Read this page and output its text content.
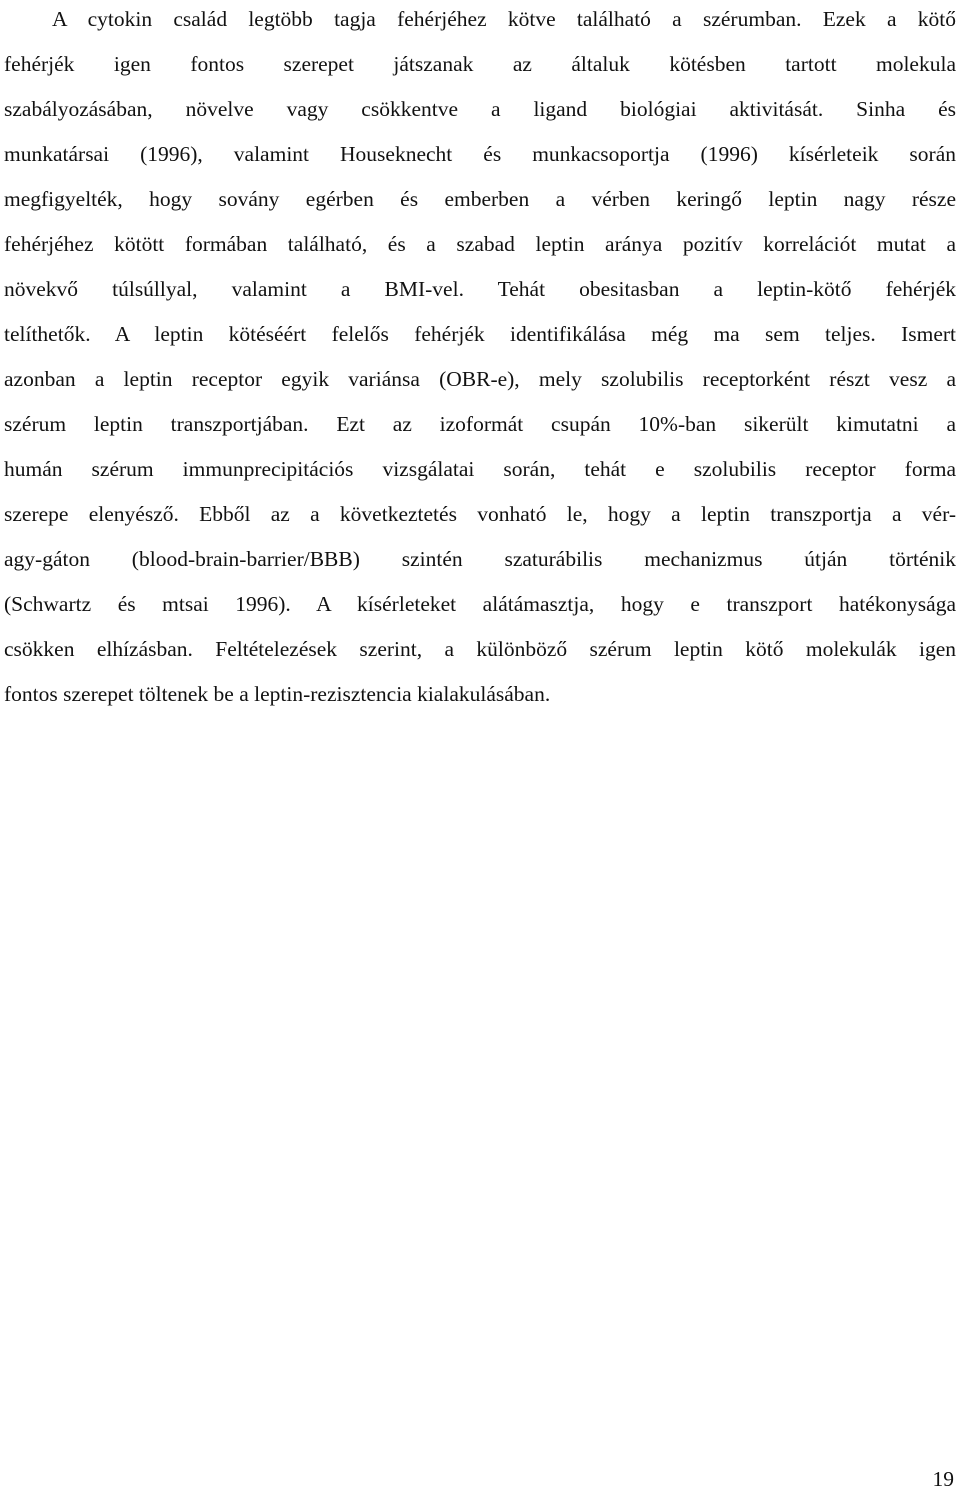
A cytokin család legtöbb tagja fehérjéhez kötve található a szérumban. Ezek a kötő
fehérjék igen fontos szerepet játszanak az általuk kötésben tartott molekula
szabályozásában, növelve vagy csökkentve a ligand biológiai aktivitását. Sinha és
munkatársai (1996), valamint Houseknecht és munkacsoportja (1996) kísérleteik során
megfigyelték, hogy sovány egérben és emberben a vérben keringő leptin nagy része
fehérjéhez kötött formában található, és a szabad leptin aránya pozitív korrelációt mutat a
növekvő túlsúllyal, valamint a BMI-vel. Tehát obesitasban a leptin-kötő fehérjék
telíthetők. A leptin kötéséért felelős fehérjék identifikálása még ma sem teljes. Ismert
azonban a leptin receptor egyik variánsa (OBR-e), mely szolubilis receptorként részt vesz a
szérum leptin transzportjában. Ezt az izoformát csupán 10%-ban sikerült kimutatni a
humán szérum immunprecipitációs vizsgálatai során, tehát e szolubilis receptor forma
szerepe elenyésző. Ebből az a következtetés vonható le, hogy a leptin transzportja a vér-
agy-gáton (blood-brain-barrier/BBB) szintén szaturábilis mechanizmus útján történik
(Schwartz és mtsai 1996). A kísérleteket alátámasztja, hogy e transzport hatékonysága
csökken elhízásban. Feltételezések szerint, a különböző szérum leptin kötő molekulák igen
fontos szerepet töltenek be a leptin-rezisztencia kialakulásában.
19
